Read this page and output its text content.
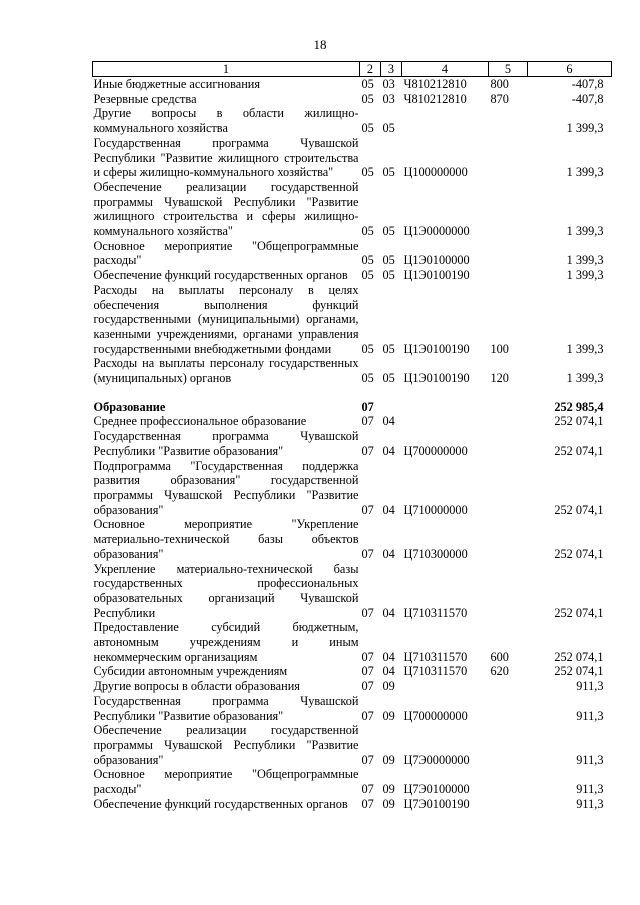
18
1	2	3	4	5	6
Иные бюджетные ассигнования	05	03	Ч810212810	800	-407,8
Резервные средства	05	03	Ч810212810	870	-407,8
Другие вопросы в области жилищно-коммунального хозяйства	05	05			1 399,3
Государственная программа Чувашской Республики "Развитие жилищного строительства и сферы жилищно-коммунального хозяйства"	05	05	Ц100000000		1 399,3
Обеспечение реализации государственной программы Чувашской Республики "Развитие жилищного строительства и сферы жилищно-коммунального хозяйства"	05	05	Ц1Э0000000		1 399,3
Основное мероприятие "Общепрограммные расходы"	05	05	Ц1Э0100000		1 399,3
Обеспечение функций государственных органов	05	05	Ц1Э0100190		1 399,3
Расходы на выплаты персоналу в целях обеспечения выполнения функций государственными (муниципальными) органами, казенными учреждениями, органами управления государственными внебюджетными фондами	05	05	Ц1Э0100190	100	1 399,3
Расходы на выплаты персоналу государственных (муниципальных) органов	05	05	Ц1Э0100190	120	1 399,3

Образование	07				252 985,4
Среднее профессиональное образование	07	04			252 074,1
Государственная программа Чувашской Республики "Развитие образования"	07	04	Ц700000000		252 074,1
Подпрограмма "Государственная поддержка развития образования" государственной программы Чувашской Республики "Развитие образования"	07	04	Ц710000000		252 074,1
Основное мероприятие "Укрепление материально-технической базы объектов образования"	07	04	Ц710300000		252 074,1
Укрепление материально-технической базы государственных профессиональных образовательных организаций Чувашской Республики	07	04	Ц710311570		252 074,1
Предоставление субсидий бюджетным, автономным учреждениям и иным некоммерческим организациям	07	04	Ц710311570	600	252 074,1
Субсидии автономным учреждениям	07	04	Ц710311570	620	252 074,1
Другие вопросы в области образования	07	09			911,3
Государственная программа Чувашской Республики "Развитие образования"	07	09	Ц700000000		911,3
Обеспечение реализации государственной программы Чувашской Республики "Развитие образования"	07	09	Ц7Э0000000		911,3
Основное мероприятие "Общепрограммные расходы"	07	09	Ц7Э0100000		911,3
Обеспечение функций государственных органов	07	09	Ц7Э0100190		911,3
